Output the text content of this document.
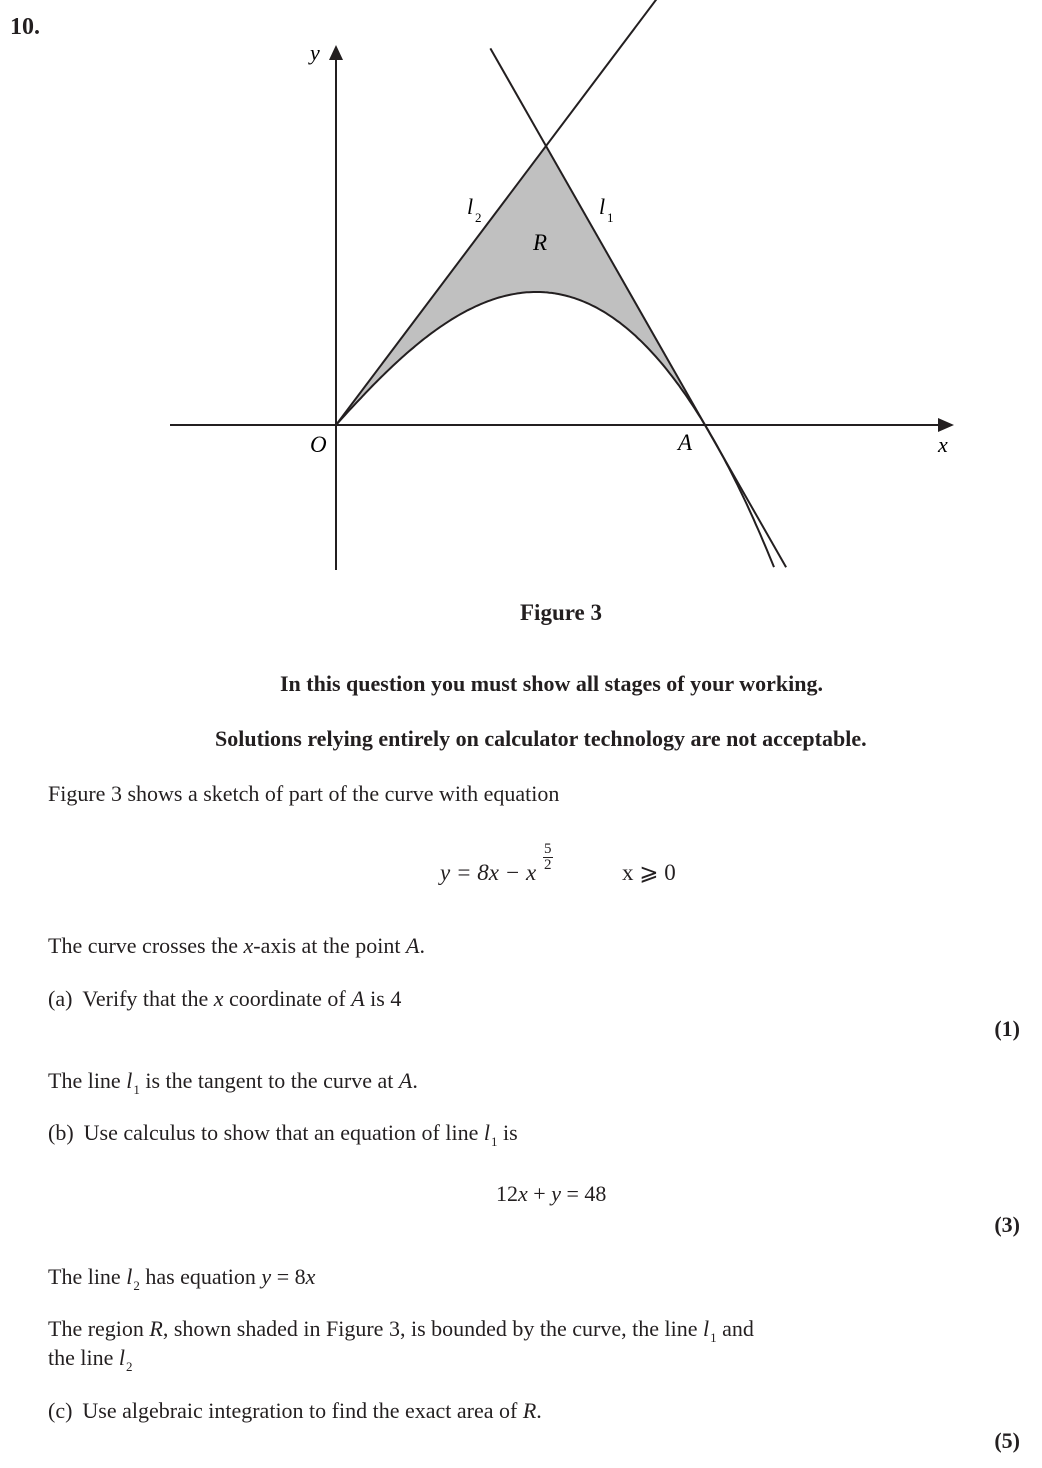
10.
y
x
O	A
R
l 2	l 1
Figure 3
In this question you must show all stages of your working.
Solutions relying entirely on calculator technology are not acceptable.
Figure 3 shows a sketch of part of the curve with equation
y = 8x − x $\frac{5}{2}$	x ⩾ 0
The curve crosses the x-axis at the point A.
(a) Verify that the x coordinate of A is 4
(1)
The line $l_1$ is the tangent to the curve at A.
(b) Use calculus to show that an equation of line $l_1$ is
12x + y = 48
(3)
The line $l_2$ has equation y = 8x
The region R, shown shaded in Figure 3, is bounded by the curve, the line $l_1$ and
the line $l_2$
(c) Use algebraic integration to find the exact area of R.
(5)
